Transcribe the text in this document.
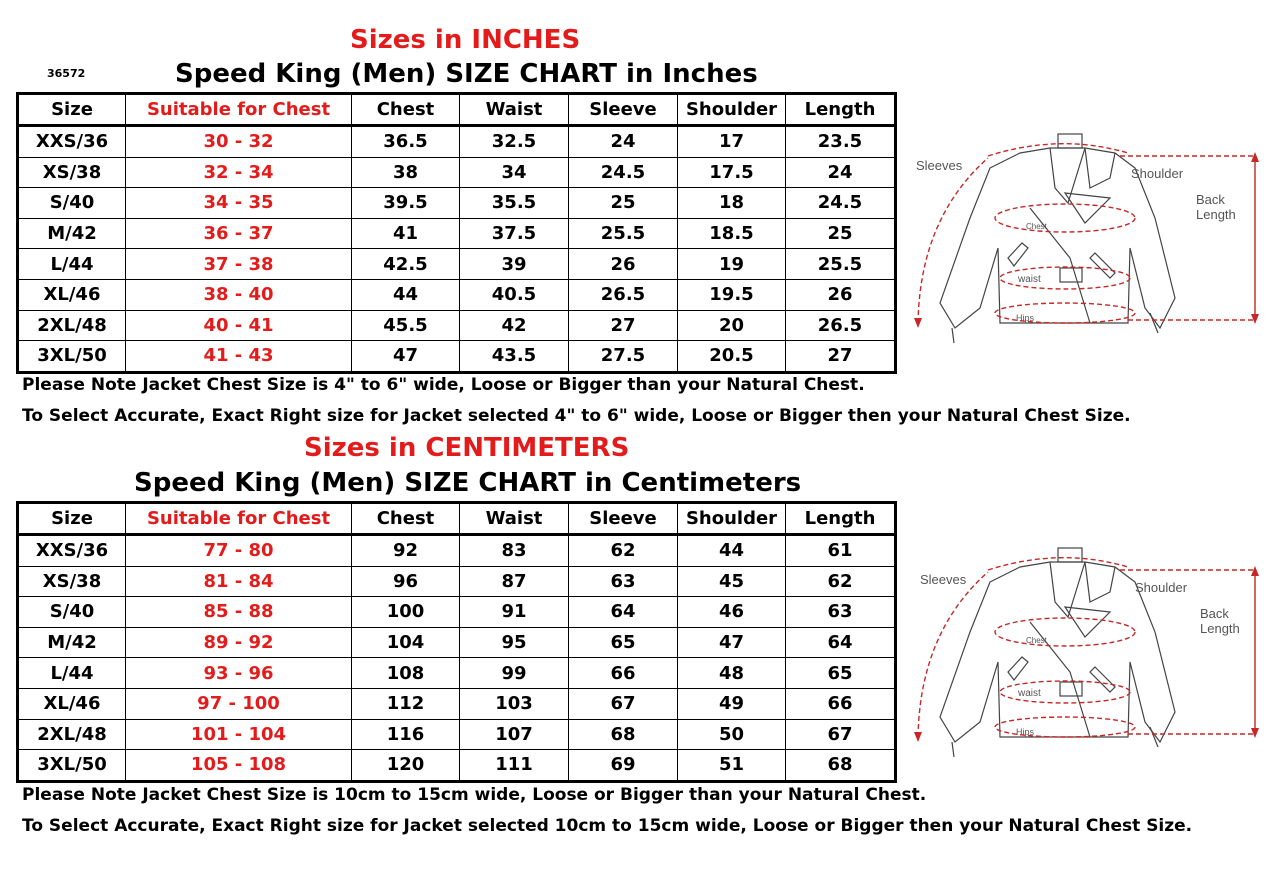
Sizes in INCHES
36572	Speed King (Men) SIZE CHART in Inches
Size	Suitable for Chest	Chest	Waist	Sleeve	Shoulder	Length
XXS/36	30 - 32	36.5	32.5	24	17	23.5
XS/38	32 - 34	38	34	24.5	17.5	24
S/40	34 - 35	39.5	35.5	25	18	24.5
M/42	36 - 37	41	37.5	25.5	18.5	25
L/44	37 - 38	42.5	39	26	19	25.5
XL/46	38 - 40	44	40.5	26.5	19.5	26
2XL/48	40 - 41	45.5	42	27	20	26.5
3XL/50	41 - 43	47	43.5	27.5	20.5	27
Please Note Jacket Chest Size is 4" to 6" wide, Loose or Bigger than your Natural Chest.
To Select Accurate, Exact Right size for Jacket selected 4" to 6" wide, Loose or Bigger then your Natural Chest Size.
Sizes in CENTIMETERS
Speed King (Men) SIZE CHART in Centimeters
Size	Suitable for Chest	Chest	Waist	Sleeve	Shoulder	Length
XXS/36	77 - 80	92	83	62	44	61
XS/38	81 - 84	96	87	63	45	62
S/40	85 - 88	100	91	64	46	63
M/42	89 - 92	104	95	65	47	64
L/44	93 - 96	108	99	66	48	65
XL/46	97 - 100	112	103	67	49	66
2XL/48	101 - 104	116	107	68	50	67
3XL/50	105 - 108	120	111	69	51	68
Please Note Jacket Chest Size is 10cm to 15cm wide, Loose or Bigger than your Natural Chest.
To Select Accurate, Exact Right size for Jacket selected 10cm to 15cm wide, Loose or Bigger then your Natural Chest Size.
Sleeves
Shoulder
Back
Length
Chest
waist
Hips
Sleeves
Shoulder
Back
Length
Chest
waist
Hips
